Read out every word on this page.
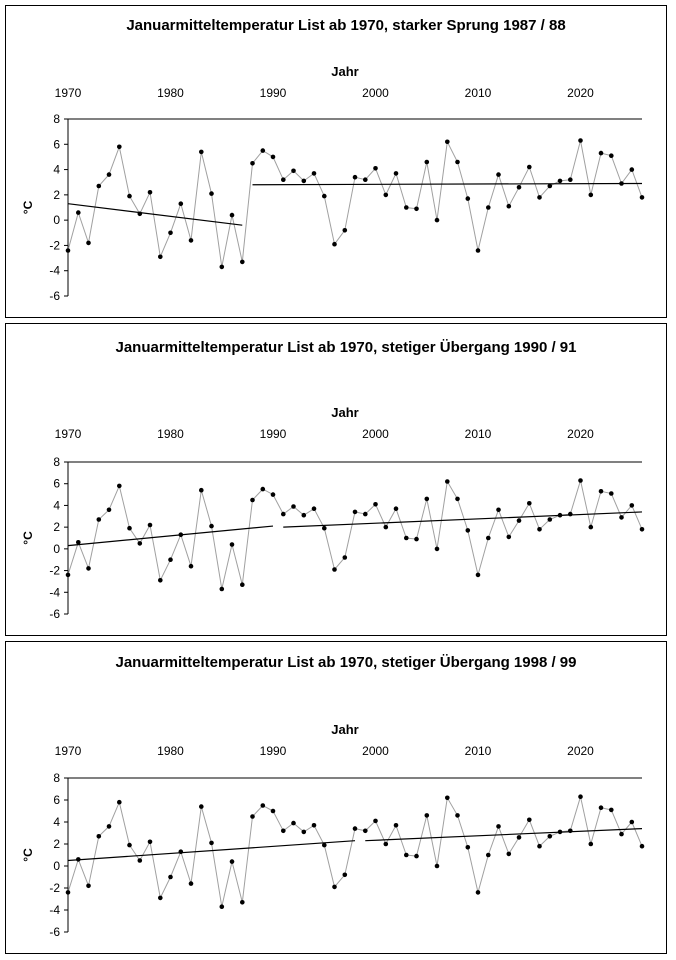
Januarmitteltemperatur List ab 1970, starker Sprung 1987 / 88
Jahr
1970	1980	1990	2000	2010	2020
-6
-4
-2
0
2
4
6
8
°C
Januarmitteltemperatur List ab 1970, stetiger Übergang 1990 / 91
Jahr
1970	1980	1990	2000	2010	2020
-6
-4
-2
0
2
4
6
8
°C
Januarmitteltemperatur List ab 1970, stetiger Übergang 1998 / 99
Jahr
1970	1980	1990	2000	2010	2020
-6
-4
-2
0
2
4
6
8
°C
